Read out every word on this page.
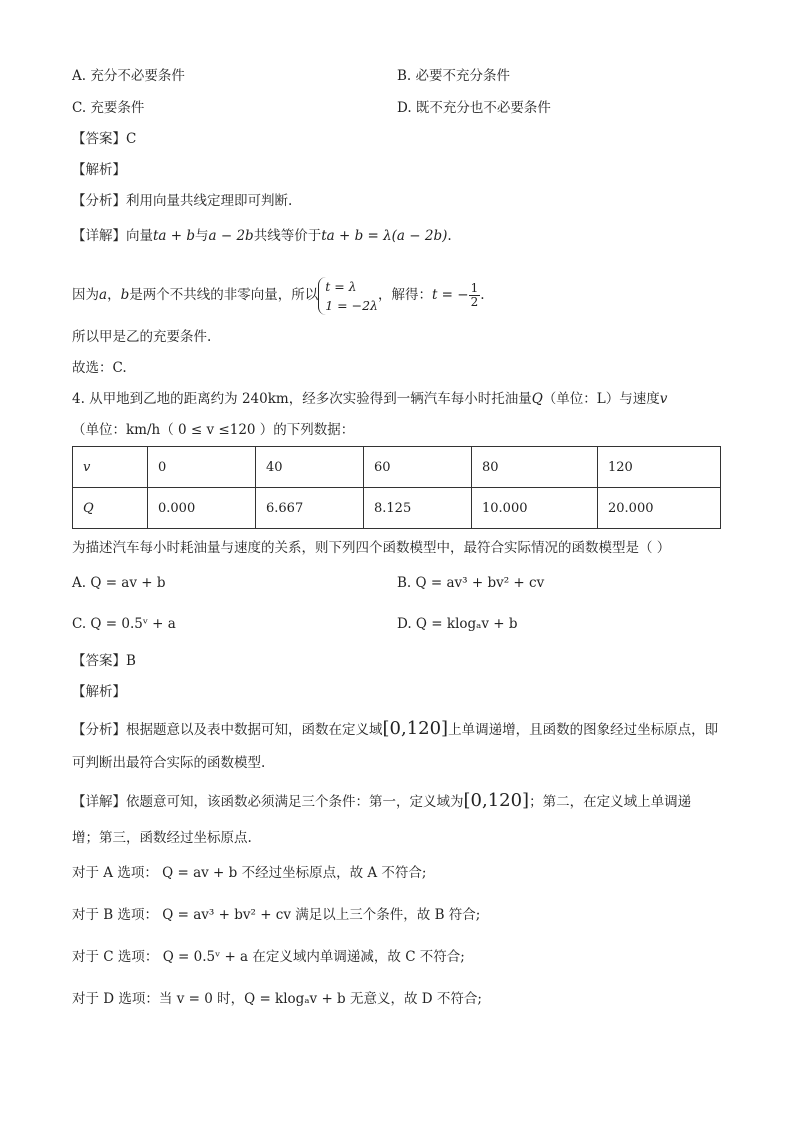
A. 充分不必要条件	B. 必要不充分条件
C. 充要条件	D. 既不充分也不必要条件
【答案】C
【解析】
【分析】利用向量共线定理即可判断.
【详解】向量ta + b与a − 2b共线等价于ta + b = λ(a − 2b).
因为a，b是两个不共线的非零向量，所以
t = λ
1 = −2λ
，解得：t = − $\frac{1}{2}$ .
所以甲是乙的充要条件.
故选：C.
4. 从甲地到乙地的距离约为 240km，经多次实验得到一辆汽车每小时托油量Q（单位：L）与速度v
（单位：km/h（ 0 ≤ v ≤120 ）的下列数据：
v	0	40	60	80	120
Q	0.000	6.667	8.125	10.000	20.000
为描述汽车每小时耗油量与速度的关系，则下列四个函数模型中，最符合实际情况的函数模型是（ ）
A. Q = av + b	B. Q = av³ + bv² + cv
C. Q = 0.5ᵛ + a	D. Q = klogₐv + b
【答案】B
【解析】
【分析】根据题意以及表中数据可知，函数在定义域[0,120]上单调递增，且函数的图象经过坐标原点，即
可判断出最符合实际的函数模型.
【详解】依题意可知，该函数必须满足三个条件：第一，定义域为[0,120]；第二，在定义域上单调递
增；第三，函数经过坐标原点.
对于 A 选项： Q = av + b 不经过坐标原点，故 A 不符合;
对于 B 选项： Q = av³ + bv² + cv 满足以上三个条件，故 B 符合;
对于 C 选项： Q = 0.5ᵛ + a 在定义域内单调递减，故 C 不符合;
对于 D 选项：当 v = 0 时，Q = klogₐv + b 无意义，故 D 不符合;
